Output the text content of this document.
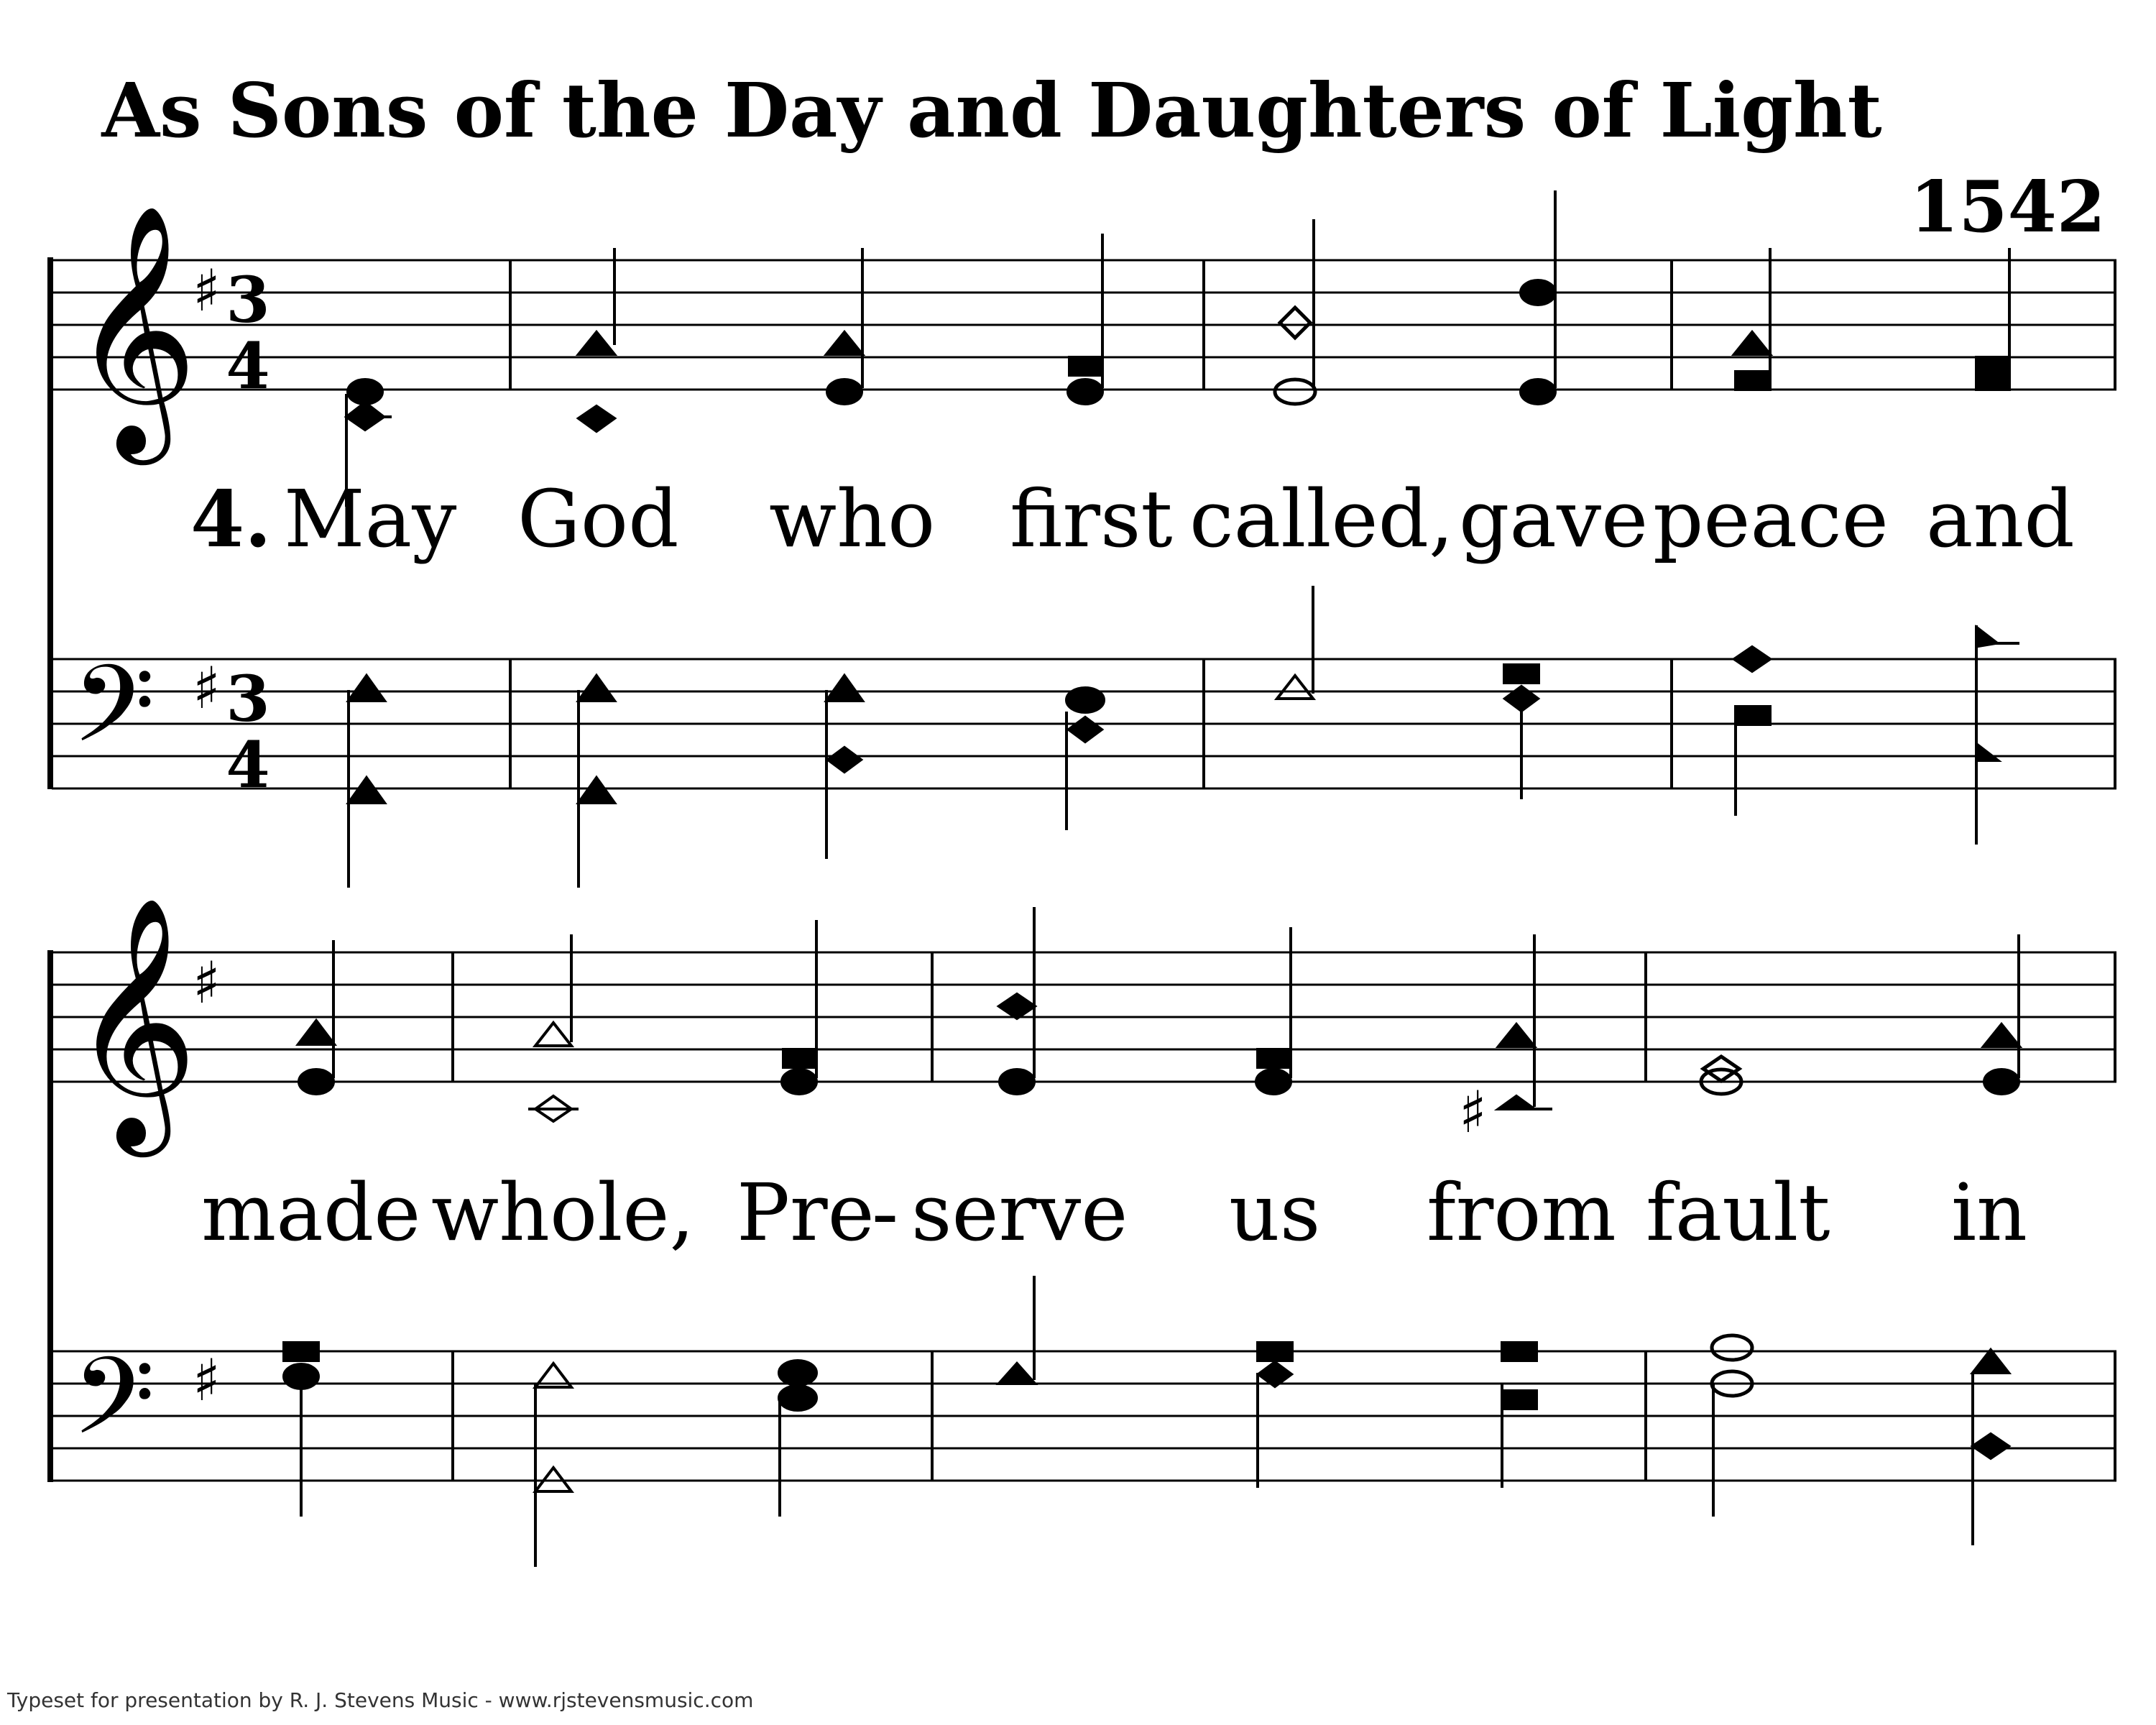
As Sons of the Day and Daughters of Light
1542
𝄞
♯ 3
4
𝄢 ♯ 3
4
4. May God who first called, gave peace and
𝄞
♯
𝄢 ♯
♯
made whole, Pre
- serve us from fault in
Typeset for presentation by R. J. Stevens Music - www.rjstevensmusic.com
